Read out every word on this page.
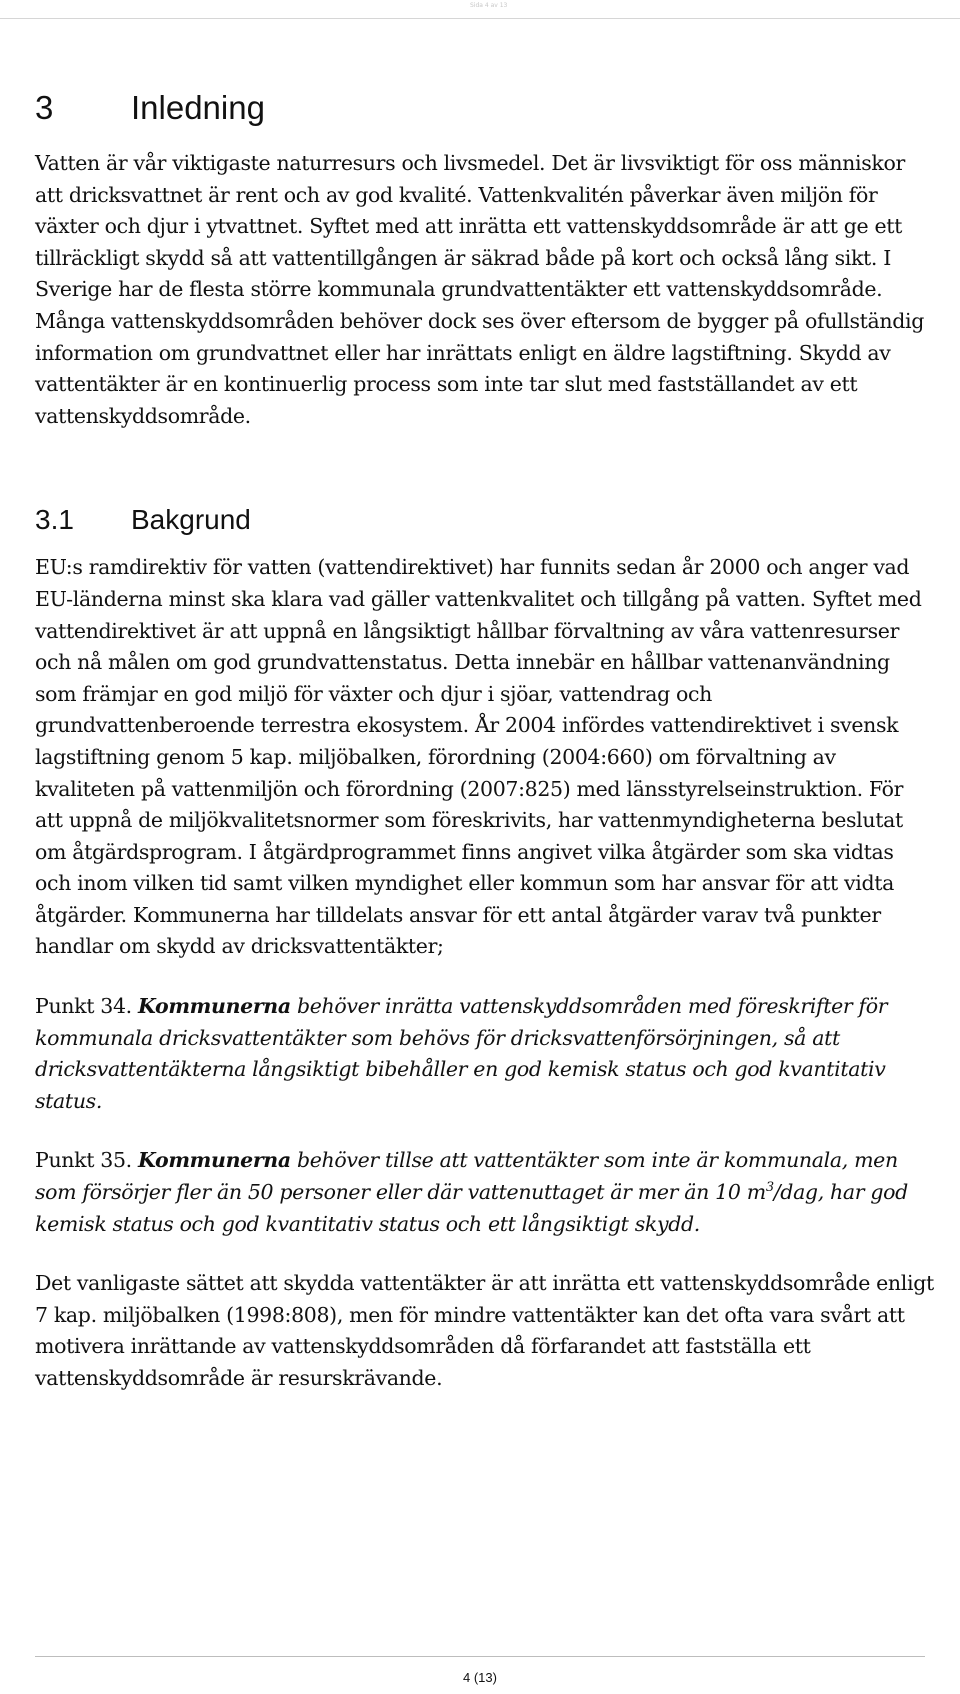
Sida 4 av 13
3	Inledning

Vatten är vår viktigaste naturresurs och livsmedel. Det är livsviktigt för oss människor att dricksvattnet är rent och av god kvalité. Vattenkvalitén påverkar även miljön för växter och djur i ytvattnet. Syftet med att inrätta ett vattenskyddsområde är att ge ett tillräckligt skydd så att vattentillgången är säkrad både på kort och också lång sikt. I Sverige har de flesta större kommunala grundvattentäkter ett vattenskyddsområde. Många vattenskyddsområden behöver dock ses över eftersom de bygger på ofullständig information om grundvattnet eller har inrättats enligt en äldre lagstiftning. Skydd av vattentäkter är en kontinuerlig process som inte tar slut med fastställandet av ett vattenskyddsområde.

3.1	Bakgrund

EU:s ramdirektiv för vatten (vattendirektivet) har funnits sedan år 2000 och anger vad EU-länderna minst ska klara vad gäller vattenkvalitet och tillgång på vatten. Syftet med vattendirektivet är att uppnå en långsiktigt hållbar förvaltning av våra vattenresurser och nå målen om god grundvattenstatus. Detta innebär en hållbar vattenanvändning som främjar en god miljö för växter och djur i sjöar, vattendrag och grundvattenberoende terrestra ekosystem. År 2004 infördes vattendirektivet i svensk lagstiftning genom 5 kap. miljöbalken, förordning (2004:660) om förvaltning av kvaliteten på vattenmiljön och förordning (2007:825) med länsstyrelseinstruktion. För att uppnå de miljökvalitetsnormer som föreskrivits, har vattenmyndigheterna beslutat om åtgärdsprogram. I åtgärdprogrammet finns angivet vilka åtgärder som ska vidtas och inom vilken tid samt vilken myndighet eller kommun som har ansvar för att vidta åtgärder. Kommunerna har tilldelats ansvar för ett antal åtgärder varav två punkter handlar om skydd av dricksvattentäkter;

Punkt 34. Kommunerna behöver inrätta vattenskyddsområden med föreskrifter för kommunala dricksvattentäkter som behövs för dricksvattenförsörjningen, så att dricksvattentäkterna långsiktigt bibehåller en god kemisk status och god kvantitativ status.

Punkt 35. Kommunerna behöver tillse att vattentäkter som inte är kommunala, men som försörjer fler än 50 personer eller där vattenuttaget är mer än 10 $m^3$/dag, har god kemisk status och god kvantitativ status och ett långsiktigt skydd.

Det vanligaste sättet att skydda vattentäkter är att inrätta ett vattenskyddsområde enligt 7 kap. miljöbalken (1998:808), men för mindre vattentäkter kan det ofta vara svårt att motivera inrättande av vattenskyddsområden då förfarandet att fastställa ett vattenskyddsområde är resurskrävande.

4 (13)
